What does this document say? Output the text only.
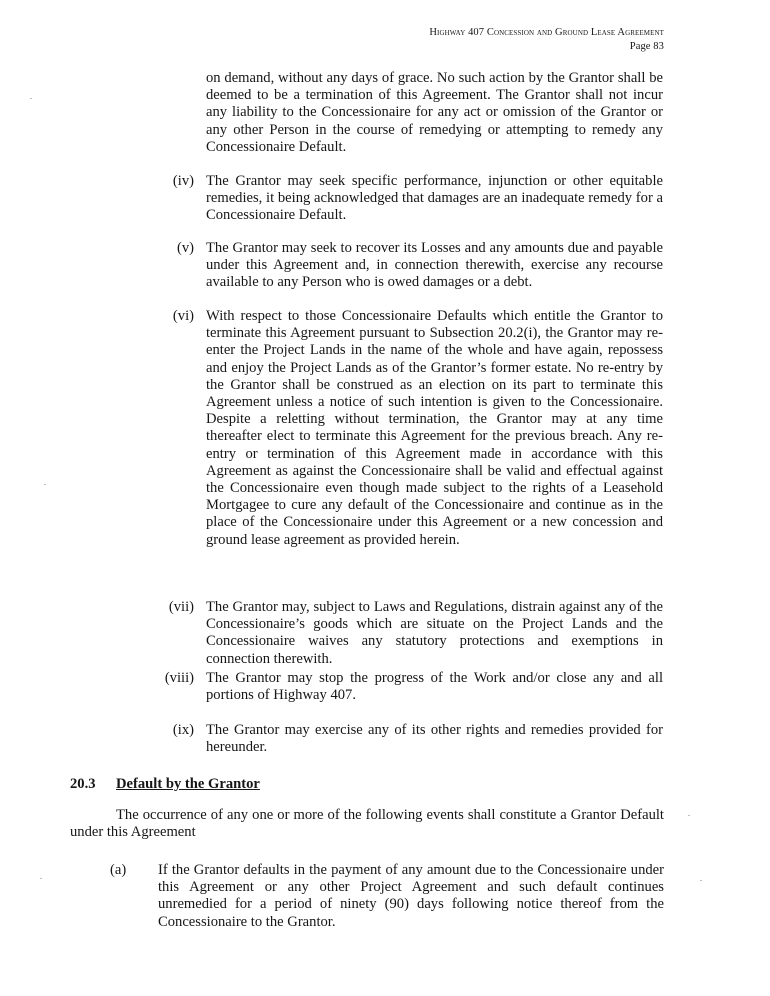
Highway 407 Concession and Ground Lease Agreement
Page 83
on demand, without any days of grace. No such action by the Grantor shall be deemed to be a termination of this Agreement. The Grantor shall not incur any liability to the Concessionaire for any act or omission of the Grantor or any other Person in the course of remedying or attempting to remedy any Concessionaire Default.
(iv) The Grantor may seek specific performance, injunction or other equitable remedies, it being acknowledged that damages are an inadequate remedy for a Concessionaire Default.
(v) The Grantor may seek to recover its Losses and any amounts due and payable under this Agreement and, in connection therewith, exercise any recourse available to any Person who is owed damages or a debt.
(vi) With respect to those Concessionaire Defaults which entitle the Grantor to terminate this Agreement pursuant to Subsection 20.2(i), the Grantor may re-enter the Project Lands in the name of the whole and have again, repossess and enjoy the Project Lands as of the Grantor’s former estate. No re-entry by the Grantor shall be construed as an election on its part to terminate this Agreement unless a notice of such intention is given to the Concessionaire. Despite a reletting without termination, the Grantor may at any time thereafter elect to terminate this Agreement for the previous breach. Any re-entry or termination of this Agreement made in accordance with this Agreement as against the Concessionaire shall be valid and effectual against the Concessionaire even though made subject to the rights of a Leasehold Mortgagee to cure any default of the Concessionaire and continue as in the place of the Concessionaire under this Agreement or a new concession and ground lease agreement as provided herein.
(vii) The Grantor may, subject to Laws and Regulations, distrain against any of the Concessionaire’s goods which are situate on the Project Lands and the Concessionaire waives any statutory protections and exemptions in connection therewith.
(viii) The Grantor may stop the progress of the Work and/or close any and all portions of Highway 407.
(ix) The Grantor may exercise any of its other rights and remedies provided for hereunder.
20.3 Default by the Grantor
The occurrence of any one or more of the following events shall constitute a Grantor Default under this Agreement
(a)	If the Grantor defaults in the payment of any amount due to the Concessionaire under this Agreement or any other Project Agreement and such default continues unremedied for a period of ninety (90) days following notice thereof from the Concessionaire to the Grantor.
